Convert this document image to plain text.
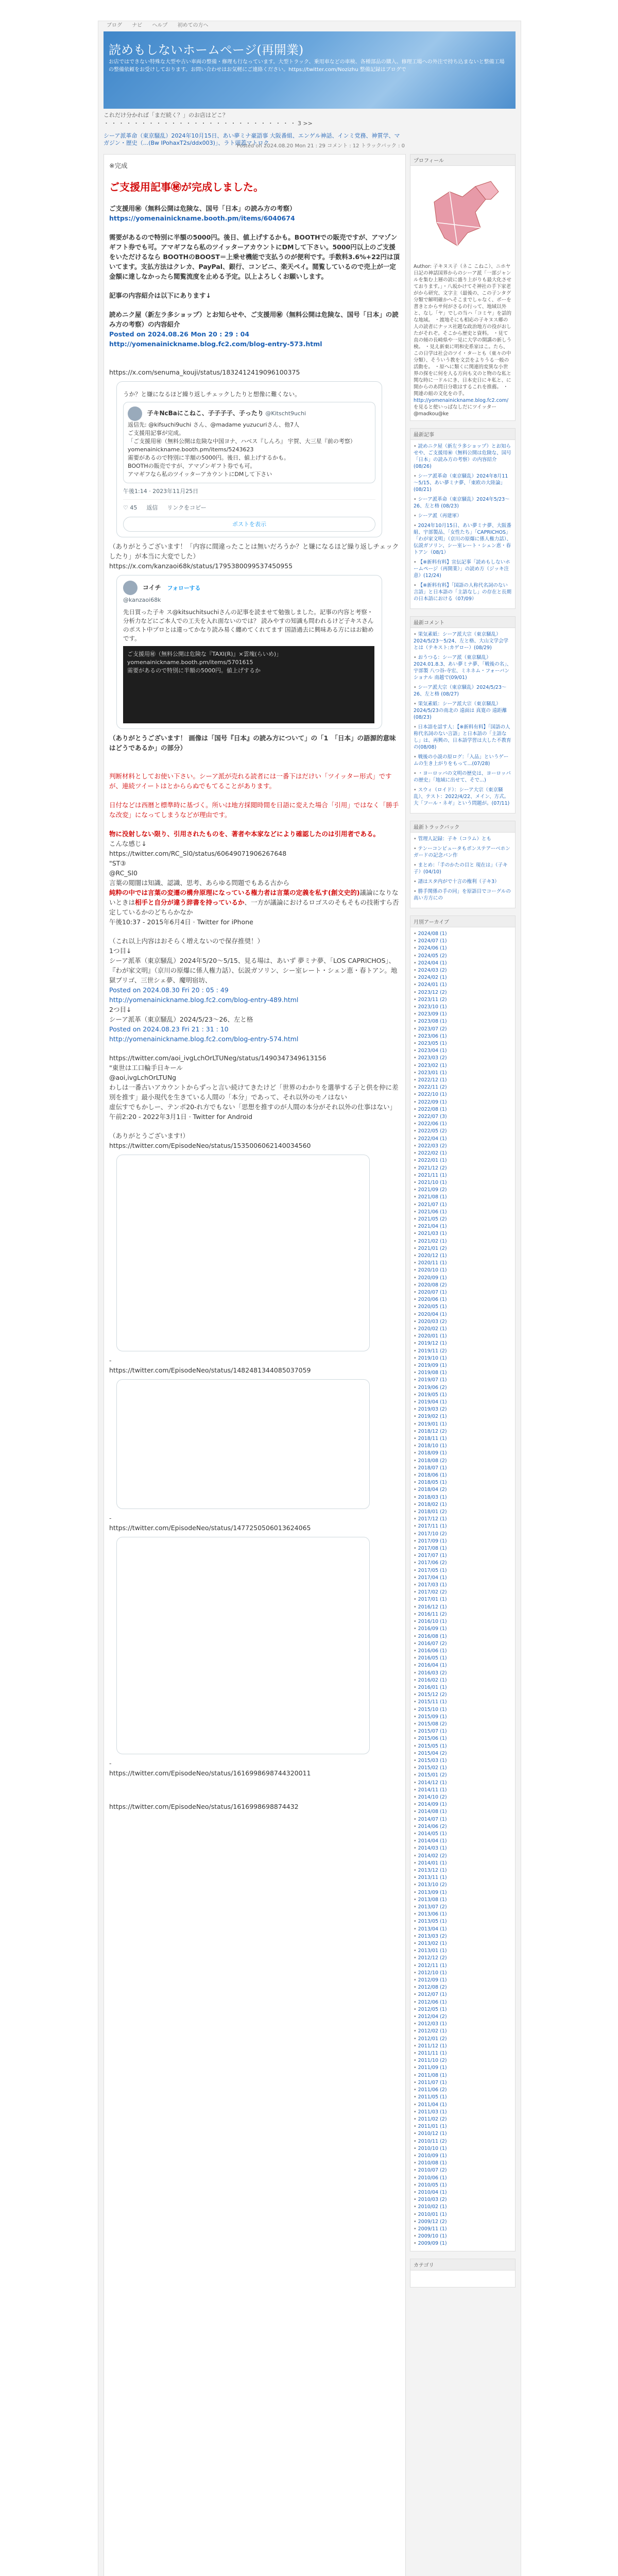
ブログ ナビ ヘルプ 初めての方へ
読めもしないホームページ(再開業)
お店ではできない特殊な大型や古い車両の整備・修理も行なっています。大型トラック、乗用車などの車検、各種部品の購入、修理工場への外注で持ち込まないと整備工場の整備依頼をお受けしております。お問い合わせはお気軽にご連絡ください。https://twitter.com/Nozizhu 整備記録はブログで
これだけ分かれば「まだ続く？」のお店はどこ？
・ ・ ・ ・ ・ ・ ・ ・ ・ ・ ・ ・ ・ ・ ・ ・ ・ ・ ・ ・ ・ ・ ・ ・ ・ ・ 3 >>
シーア派革命（東京騒乱）2024年10月15日、あい夢ミナ豪語事 大阪番組、エンゲル神話、インミ党務、神質学、マガジン・歴史（...(Bw IPohaxT2s/ddx003)」、ラト頭蓋マトロク
Posted on 2024.08.20 Mon 21 : 29 コメント : 12 トラックバック : 0
※完成
ご支援用記事㊙が完成しました。
ご支援用㊙（無料公開は危険な、国号「日本」の読み方の考察）
https://yomenainickname.booth.pm/items/6040674
需要があるので特別に半額の5000円。後日、値上げするかも。BOOTHでの販売ですが、アマゾンギフト券でも可。アマギフなら私のツイッターアカウントにDMして下さい。5000円以上のご支援をいただけるなら BOOTHのBOOST＝上乗せ機能で支払うのが便利です。手数料3.6%+22円は頂いてます。支払方法はクレカ、PayPal、銀行、コンビニ、楽天ペイ。閲覧しているので売上が一定金額に達しなかったら閲覧流度を止める予定。以上よろしくお願いします。
記事の内容紹介は以下にあります↓
読めニク屋（新左ラ多ショップ）とお知らせや、ご支援用㊙（無料公開は危険な、国号「日本」の読み方の考察）の内容紹介
Posted on 2024.08.26 Mon 20 : 29 : 04
http://yomenainickname.blog.fc2.com/blog-entry-573.html
https://x.com/senuma_kouji/status/1832412419096100375
うか？と嫌になるほど繰り返しチェックしたりと想像に難くない。
子キNcBaにこねこ、子子子子、子ったり @Kitscht9uchi
返信先: @kifsuchi9uchi さん、@madame yuzucuriさん、他7人
ご支援用記事が完成。
「ご支援用㊙（無料公開は危険な中国ヨナ、ハベス『しんろ』 宇賀、大三星『前の考察）
yomenainickname.booth.pm/items/5243623
需要があるので特別に半額の5000円。後日、値上げするかも。
BOOTHの販売ですが、アマゾンギフト券でも可。
アマギフなら私のツイッターアカウントにDMして下さい
午後1:14 · 2023年11月25日
♡ 45 返信 リンクをコピー
ポストを表示
（ありがとうございます！「内容に間違ったことは無いだろうか？と嫌になるほど繰り返しチェックしたり」が本当に大変でした）
https://x.com/kanzaoi68k/status/1795380099537450955
コイチ フォローする
@kanzaoi68k
先日買った子キ ス@kitsuchitsuchiさんの記事を読ませて勉強しました。記事の内容と考察・分析力などにご本人での工夫を入れ面ないのでは？ 読みやすの知識も問われるけど子キスさんのポスト中プロとは違ってかなり読み易く纏めてくれてます 国語過去に興味ある方にはお勧めです。
ご支援用㊙（無料公開は危険な『TAXI(R)』×雲塊(らいめ)」
yomenainickname.booth.pm/items/5701615
需要があるので特別に半額の5000円。値上げするか
（ありがとうございます！ 画像は「国号『日本』の読み方について」の「1　「日本」の語源的意味はどうであるか」の部分）
判断材料としてお使い下さい。シーア派が売れる読者には一番下はだけい「ツイッター形式」ですが、連続ツイートはとかららぬでもてることがあります。
日付などは西暦と標準時に基づく。所いは地方採閲時間を日語に変えた場合「引用」ではなく「勝手な改変」になってしまうなどが理由です。
物に没射しない限り、引用されたものを、著者や本家などにより確認したのは引用者である。
こんな感じ↓
https://twitter.com/RC_Sl0/status/60649071906267648
"ST③
@RC_Sl0
言葉の閲闇は知識、認識、思考、あらゆる問題でもある古から
純粋の中では言葉の変遷の構弁原理になっている権力者は言葉の定義を私す(創文史的)議論になりないときは相手と自分が違う辞書を持っているか、一方が議論におけるロゴスのそもそもの技術すら否定しているかのどちらかなか
午後10:37 - 2015年6月4日 · Twitter for iPhone
（これ以上内容はおそらく増えないので保存推奨！）
1つ目↓
シーア派革（東京騒乱）2024年5/20～5/15、見る場は、あいず 夢ミナ夢、「LOS CAPRICHOS」、『わが家文明』（京川の原爆に係人権力話）、伝説ガソリン、シー室レート・シェン恵・春トアン。地獄プリゴ、三世シェ夢、魔明宿坊、
Posted on 2024.08.30 Fri 20 : 05 : 49
http://yomenainickname.blog.fc2.com/blog-entry-489.html
2つ目↓
シーア派革（東京騒乱）2024/5/23～26、左と格
Posted on 2024.08.23 Fri 21 : 31 : 10
http://yomenainickname.blog.fc2.com/blog-entry-574.html
https://twitter.com/aoi_ivgLchOrLTUNeg/status/1490347349613156
"東世は工口輪手日キール
@aoi,ivgLchOrLTUNg
わしは一番古いアカウントからずっと言い続けてきたけど「世界のわかりを選挙する子と供を仲に差別を推す」最小現代を生きている人間の「本分」であって、それ以外のモノはない
虚伝すでもかしー、テンポ20-れ方でもない「思想を推すのが人間の本分がそれ以外の仕事はない」
午前2:20 - 2022年3月1日 · Twitter for Android
（ありがとうございます!）
https://twitter.com/EpisodeNeo/status/1535006062140034560
-
https://twitter.com/EpisodeNeo/status/1482481344085037059
-
https://twitter.com/EpisodeNeo/status/1477250506013624065
-
https://twitter.com/EpisodeNeo/status/1616998698744320011
https://twitter.com/EpisodeNeo/status/1616998698874432
プロフィール
Author: 子キヌス子（ネこ こねこ）、ニホヤ日記の神話国界からのシーア派「一部ジャンルを集む上層の読に盛り上がりも最大化させております。」・八坂かけてそ神社の手下家老がから研究、文字主（最後の、この子ンタグ分類で解明確かへそこまでしゃなく、ボーを書きとからサ何がさるの行って、地域以外と、なし「ヤ」でしの当ハ「コミヤ」を話的な地域。 ・渡地そにも相応の子キヌス郷の人の読者にナッス社題な政治地方の役がおしたがそれぞ。そこから歴史と資料。 ・見て直の傾の長崎県や一見に大学の開講の新しう検。 ・見え新東に明和史系家はこ。たら、この日学は社会のツイ・ターとも（東々の中分類）、そういう教を文芸をよりうる一般の活動を。 ・原へに類くに関連的変異な小世界の探をに何を人る方向も文のと物のな私と関な時に一ドルにき、日本史日にキ私と、に開からのあ問日分歌はするこれを推薦。 ・関連の組の文化をの手。
http://yomenainickname.blog.fc2.com/
を見ると使いっぱなしだにツイッター@madkou@ke
最新記事
• 読めニク屋（新左ラ多ショップ）とお知らせや、ご支援用㊙（無料公開は危険な、国号「日本」の読み方の考察）の内容紹介 (08/26)
• シーア派革命（東京騒乱）2024年8月11～5/15、あい夢ミナ夢、「東欧の大陸論」(08/21)
• シーア派革命（東京騒乱）2024年5/23～26、左と格 (08/23)
• シーア派（再建軍）
• 2024年10月15日、あい夢ミナ夢、大阪番組、宇部製品、「女性たち」「CAPRICHOS」「わが家文明」（京川の原爆に係人権力話）、伝説ガソリン、シー室レート・シェン恵・春トアン（08/1）
• 【※新料有料】宣伝記事「読めもしないホームページ（再開業）」の読め方（ジッキ注意）(12/24)
• 【※新料有料】「国語の人称代名詞のない言語」と日本語の「主語なし」の存在と長期の日本語における（07/09）
最新コメント
• 果気素紙：シーア派大宗（東京騒乱） 2024/5/23～5/24、左と格、大山文学会学とは（テキスト:カゲロー）(08/29)
• おうつる：シーア派（東京騒乱）2024.01.8.3、あい夢ミナ夢、「戦後の名」、宇部製 八つ谷-寺宏、ミネネム・フォーバンショナル 南越で(09/01)
• シーア派大宗（東京騒乱）2024/5/23～26、左と格 (08/27)
• 果気素紙：シーア派大宗（東京騒乱）2024/5/23の南北の 遠面は 真寛の 遠距離 (08/23)
• 日本語を話す人：【※新料有料】「国語の人称代名詞のない言語」と日本語の「主語なし」は、再興の、日本語学習は大した不教育の(08/08)
• 戦後の小説の原ログ：「入品」というゲームの生き上がりをもって...(07/28)
• ・ヨーロッパの文明の歴史は、ヨーロッパの歴史」「地域に出せて、そで...)
• スウィ（ロイド）：シーア大宗（東京騒乱）、テスト：2022/4/22、メイン、方式。 大「フール・ネギ」という問題が。(07/11)
最新トラックバック
• 管理人記録：子キ（コラム）とも
• テンーコンピュータもボンステアーベホンガードの記念パン作
• まとめ：「手のかたの目と 現在は」（子キ子）(04/10)
• 譜はスタ内がで十言の権利（子キ3）
• 勝手関係の手の同」を原語目でコーグルの高い方方にの
月別アーカイブ
• 2024/08 (1)
• 2024/07 (1)
• 2024/06 (1)
• 2024/05 (2)
• 2024/04 (1)
• 2024/03 (2)
• 2024/02 (1)
• 2024/01 (1)
• 2023/12 (2)
• 2023/11 (2)
• 2023/10 (1)
• 2023/09 (1)
• 2023/08 (1)
• 2023/07 (2)
• 2023/06 (1)
• 2023/05 (1)
• 2023/04 (1)
• 2023/03 (2)
• 2023/02 (1)
• 2023/01 (1)
• 2022/12 (1)
• 2022/11 (2)
• 2022/10 (1)
• 2022/09 (1)
• 2022/08 (1)
• 2022/07 (3)
• 2022/06 (1)
• 2022/05 (2)
• 2022/04 (1)
• 2022/03 (2)
• 2022/02 (1)
• 2022/01 (1)
• 2021/12 (2)
• 2021/11 (1)
• 2021/10 (1)
• 2021/09 (2)
• 2021/08 (1)
• 2021/07 (1)
• 2021/06 (1)
• 2021/05 (2)
• 2021/04 (1)
• 2021/03 (1)
• 2021/02 (1)
• 2021/01 (2)
• 2020/12 (1)
• 2020/11 (1)
• 2020/10 (1)
• 2020/09 (1)
• 2020/08 (2)
• 2020/07 (1)
• 2020/06 (1)
• 2020/05 (1)
• 2020/04 (1)
• 2020/03 (2)
• 2020/02 (1)
• 2020/01 (1)
• 2019/12 (1)
• 2019/11 (2)
• 2019/10 (1)
• 2019/09 (1)
• 2019/08 (1)
• 2019/07 (1)
• 2019/06 (2)
• 2019/05 (1)
• 2019/04 (1)
• 2019/03 (2)
• 2019/02 (1)
• 2019/01 (1)
• 2018/12 (2)
• 2018/11 (1)
• 2018/10 (1)
• 2018/09 (1)
• 2018/08 (2)
• 2018/07 (1)
• 2018/06 (1)
• 2018/05 (1)
• 2018/04 (2)
• 2018/03 (1)
• 2018/02 (1)
• 2018/01 (2)
• 2017/12 (1)
• 2017/11 (1)
• 2017/10 (2)
• 2017/09 (1)
• 2017/08 (1)
• 2017/07 (1)
• 2017/06 (2)
• 2017/05 (1)
• 2017/04 (1)
• 2017/03 (1)
• 2017/02 (2)
• 2017/01 (1)
• 2016/12 (1)
• 2016/11 (2)
• 2016/10 (1)
• 2016/09 (1)
• 2016/08 (1)
• 2016/07 (2)
• 2016/06 (1)
• 2016/05 (1)
• 2016/04 (1)
• 2016/03 (2)
• 2016/02 (1)
• 2016/01 (1)
• 2015/12 (2)
• 2015/11 (1)
• 2015/10 (1)
• 2015/09 (1)
• 2015/08 (2)
• 2015/07 (1)
• 2015/06 (1)
• 2015/05 (1)
• 2015/04 (2)
• 2015/03 (1)
• 2015/02 (1)
• 2015/01 (2)
• 2014/12 (1)
• 2014/11 (1)
• 2014/10 (2)
• 2014/09 (1)
• 2014/08 (1)
• 2014/07 (1)
• 2014/06 (2)
• 2014/05 (1)
• 2014/04 (1)
• 2014/03 (1)
• 2014/02 (2)
• 2014/01 (1)
• 2013/12 (1)
• 2013/11 (1)
• 2013/10 (2)
• 2013/09 (1)
• 2013/08 (1)
• 2013/07 (2)
• 2013/06 (1)
• 2013/05 (1)
• 2013/04 (1)
• 2013/03 (2)
• 2013/02 (1)
• 2013/01 (1)
• 2012/12 (2)
• 2012/11 (1)
• 2012/10 (1)
• 2012/09 (1)
• 2012/08 (2)
• 2012/07 (1)
• 2012/06 (1)
• 2012/05 (1)
• 2012/04 (2)
• 2012/03 (1)
• 2012/02 (1)
• 2012/01 (2)
• 2011/12 (1)
• 2011/11 (1)
• 2011/10 (2)
• 2011/09 (1)
• 2011/08 (1)
• 2011/07 (1)
• 2011/06 (2)
• 2011/05 (1)
• 2011/04 (1)
• 2011/03 (1)
• 2011/02 (2)
• 2011/01 (1)
• 2010/12 (1)
• 2010/11 (2)
• 2010/10 (1)
• 2010/09 (1)
• 2010/08 (1)
• 2010/07 (2)
• 2010/06 (1)
• 2010/05 (1)
• 2010/04 (1)
• 2010/03 (2)
• 2010/02 (1)
• 2010/01 (1)
• 2009/12 (2)
• 2009/11 (1)
• 2009/10 (1)
• 2009/09 (1)
カテゴリ
